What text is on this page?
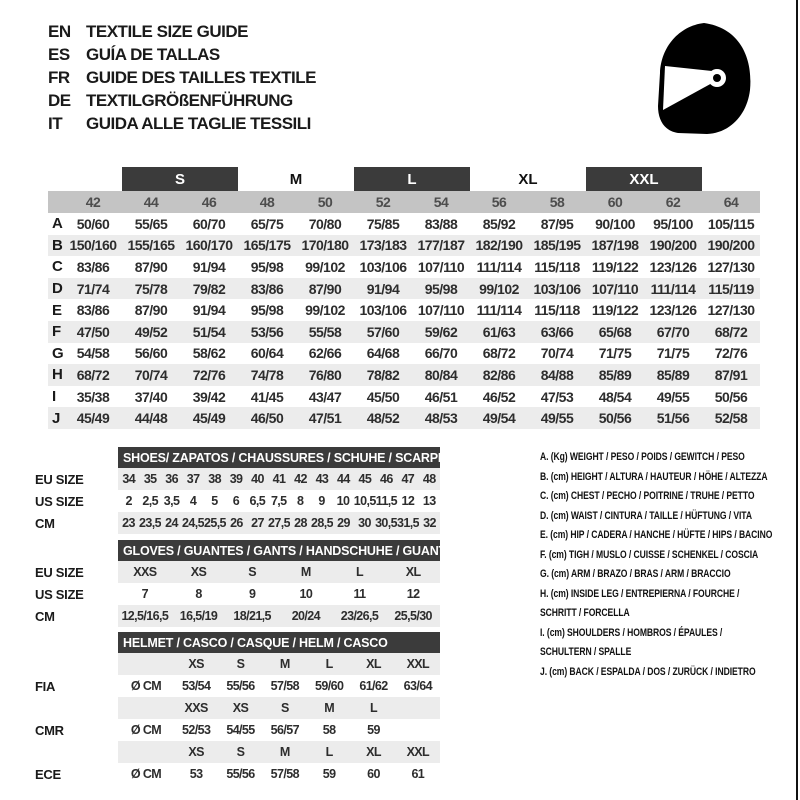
EN TEXTILE SIZE GUIDE
ES GUÍA DE TALLAS
FR GUIDE DES TAILLES TEXTILE
DE TEXTILGRÖßENFÜHRUNG
IT	GUIDA ALLE TAGLIE TESSILI
S	M	L	XL	XXL
42	44	46	48	50	52	54	56	58	60	62	64
A 50/60	55/65	60/70	65/75	70/80	75/85	83/88	85/92	87/95	90/100	95/100	105/115
B 150/160 155/165 160/170 165/175 170/180 173/183 177/187 182/190 185/195 187/198 190/200 190/200
C 83/86	87/90	91/94	95/98	99/102	103/106 107/110 111/114 115/118 119/122 123/126 127/130
D 71/74	75/78	79/82	83/86	87/90	91/94	95/98	99/102	103/106 107/110 111/114 115/119
E	83/86	87/90	91/94	95/98	99/102	103/106 107/110 111/114 115/118 119/122 123/126 127/130
F	47/50	49/52	51/54	53/56	55/58	57/60	59/62	61/63	63/66	65/68	67/70	68/72
G 54/58	56/60	58/62	60/64	62/66	64/68	66/70	68/72	70/74	71/75	71/75	72/76
H 68/72	70/74	72/76	74/78	76/80	78/82	80/84	82/86	84/88	85/89	85/89	87/91
I	35/38	37/40	39/42	41/45	43/47	45/50	46/51	46/52	47/53	48/54	49/55	50/56
J	45/49	44/48	45/49	46/50	47/51	48/52	48/53	49/54	49/55	50/56	51/56	52/58
SHOES/ ZAPATOS / CHAUSSURES / SCHUHE / SCARPE
EU SIZE	34 35 36 37 38 39 40 41 42 43 44 45 46 47 48
US SIZE	2 2,5 3,5 4	5	6 6,5 7,5 8	9 10 10,5 11,5 12 13
CM	23 23,5 24 24,5 25,5 26 27 27,5 28 28,5 29 30 30,5 31,5 32
GLOVES / GUANTES / GANTS / HANDSCHUHE / GUANTI
EU SIZE	XXS	XS	S	M	L	XL
US SIZE	7	8	9	10	11	12
CM	12,5/16,5 16,5/19	18/21,5	20/24	23/26,5	25,5/30
HELMET / CASCO / CASQUE / HELM / CASCO
XS	S	M	L	XL	XXL
FIA	Ø CM	53/54	55/56	57/58	59/60	61/62	63/64
XXS	XS	S	M	L
CMR	Ø CM	52/53	54/55	56/57	58	59
XS	S	M	L	XL	XXL
ECE	Ø CM	53	55/56	57/58	59	60	61
A. (Kg) WEIGHT / PESO / POIDS / GEWITCH / PESO
B. (cm) HEIGHT / ALTURA / HAUTEUR / HÖHE / ALTEZZA
C. (cm) CHEST / PECHO / POITRINE / TRUHE / PETTO
D. (cm) WAIST / CINTURA / TAILLE / HÜFTUNG / VITA
E. (cm) HIP / CADERA / HANCHE / HÜFTE / HIPS / BACINO
F. (cm) TIGH / MUSLO / CUISSE / SCHENKEL / COSCIA
G. (cm) ARM / BRAZO / BRAS / ARM / BRACCIO
H. (cm) INSIDE LEG / ENTREPIERNA / FOURCHE /
SCHRITT / FORCELLA
I. (cm) SHOULDERS / HOMBROS / ÉPAULES /
SCHULTERN / SPALLE
J. (cm) BACK / ESPALDA / DOS / ZURÜCK / INDIETRO
